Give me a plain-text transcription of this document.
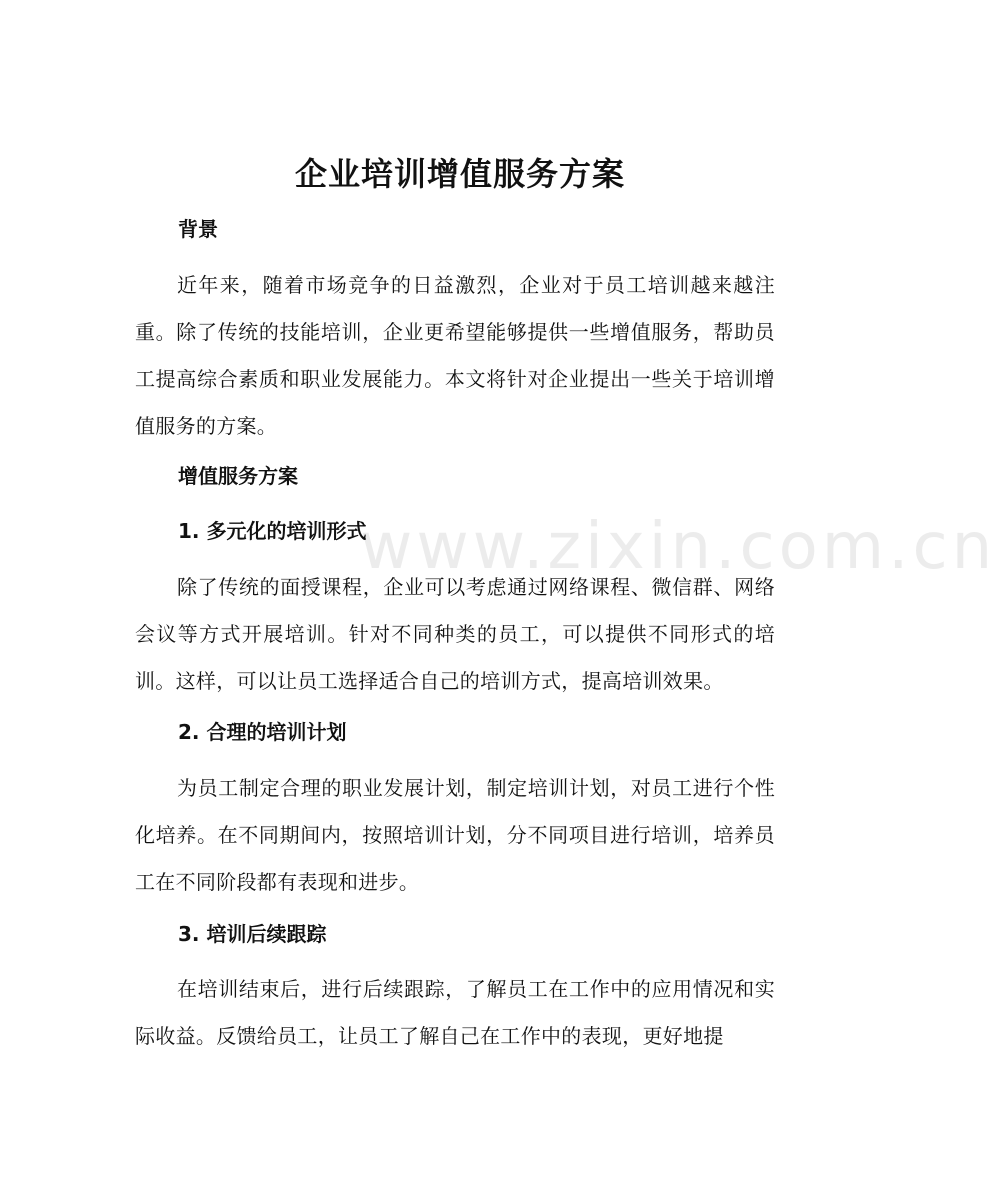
www.zixin.com.cn
企业培训增值服务方案
背景

近年来，随着市场竞争的日益激烈，企业对于员工培训越来越注重。除了传统的技能培训，企业更希望能够提供一些增值服务，帮助员工提高综合素质和职业发展能力。本文将针对企业提出一些关于培训增值服务的方案。

增值服务方案
1. 多元化的培训形式

除了传统的面授课程，企业可以考虑通过网络课程、微信群、网络会议等方式开展培训。针对不同种类的员工，可以提供不同形式的培训。这样，可以让员工选择适合自己的培训方式，提高培训效果。

2. 合理的培训计划

为员工制定合理的职业发展计划，制定培训计划，对员工进行个性化培养。在不同期间内，按照培训计划，分不同项目进行培训，培养员工在不同阶段都有表现和进步。

3. 培训后续跟踪

在培训结束后，进行后续跟踪，了解员工在工作中的应用情况和实际收益。反馈给员工，让员工了解自己在工作中的表现，更好地提
